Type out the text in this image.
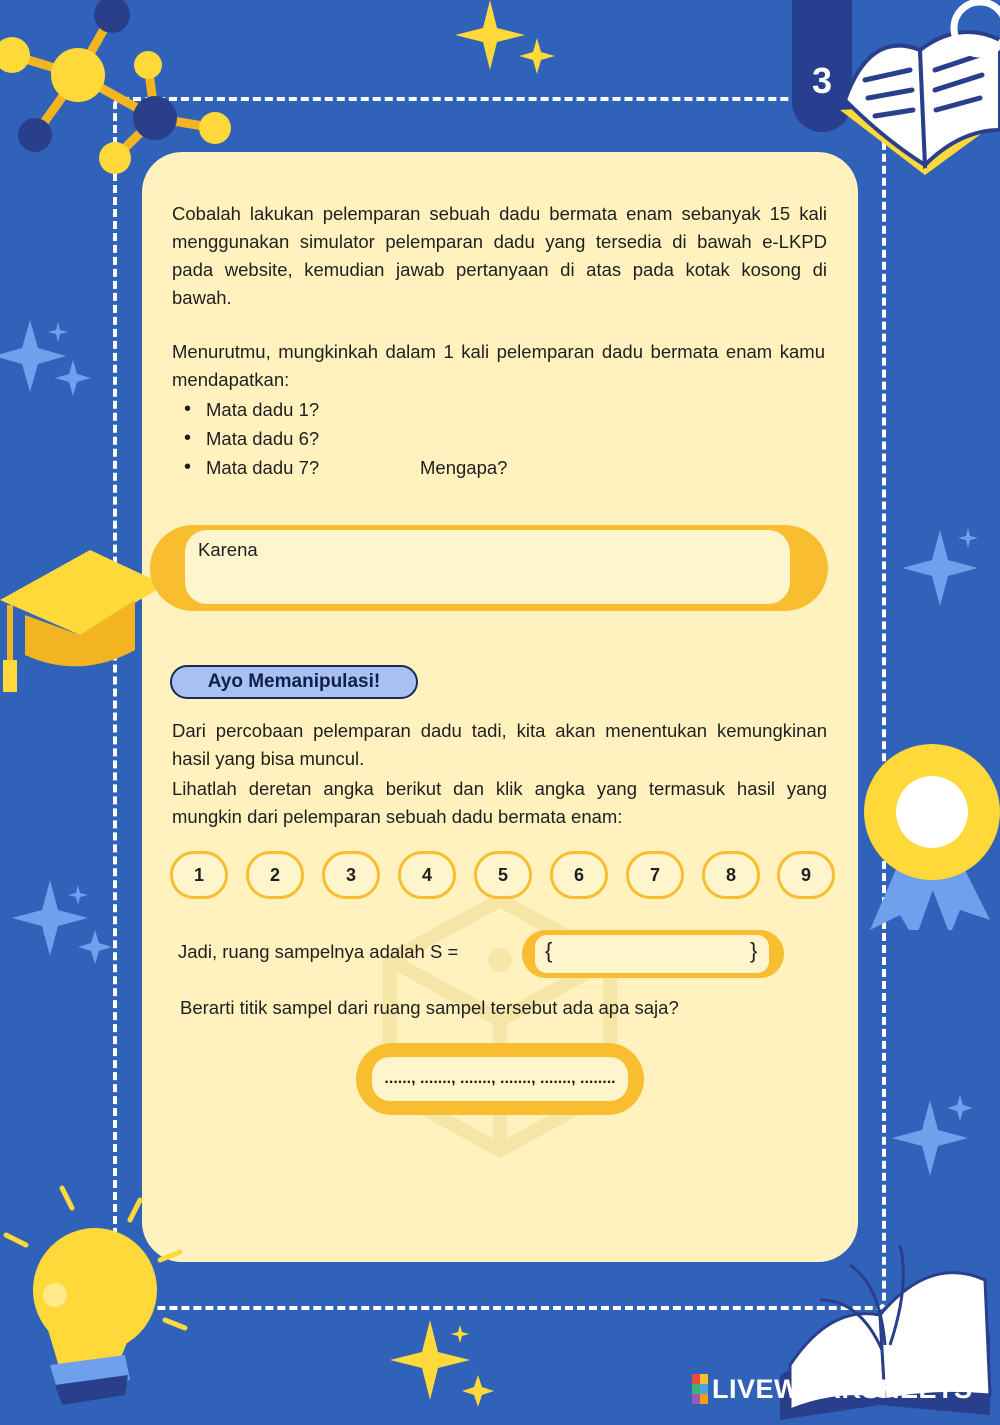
3

Cobalah lakukan pelemparan sebuah dadu bermata enam sebanyak 15 kali menggunakan simulator pelemparan dadu yang tersedia di bawah e-LKPD pada website, kemudian jawab pertanyaan di atas pada kotak kosong di bawah.

Menurutmu, mungkinkah dalam 1 kali pelemparan dadu bermata enam kamu mendapatkan:

• Mata dadu 1?
• Mata dadu 6?
• Mata dadu 7?	Mengapa?
Karena
Ayo Memanipulasi!

Dari percobaan pelemparan dadu tadi, kita akan menentukan kemungkinan hasil yang bisa muncul.

Lihatlah deretan angka berikut dan klik angka yang termasuk hasil yang mungkin dari pelemparan sebuah dadu bermata enam:

1	2	3	4	5	6	7	8	9
Jadi, ruang sampelnya adalah S =	{	}
Berarti titik sampel dari ruang sampel tersebut ada apa saja?
......, ......., ......., ......., ......., ........
LIVEWORKSHEETS
